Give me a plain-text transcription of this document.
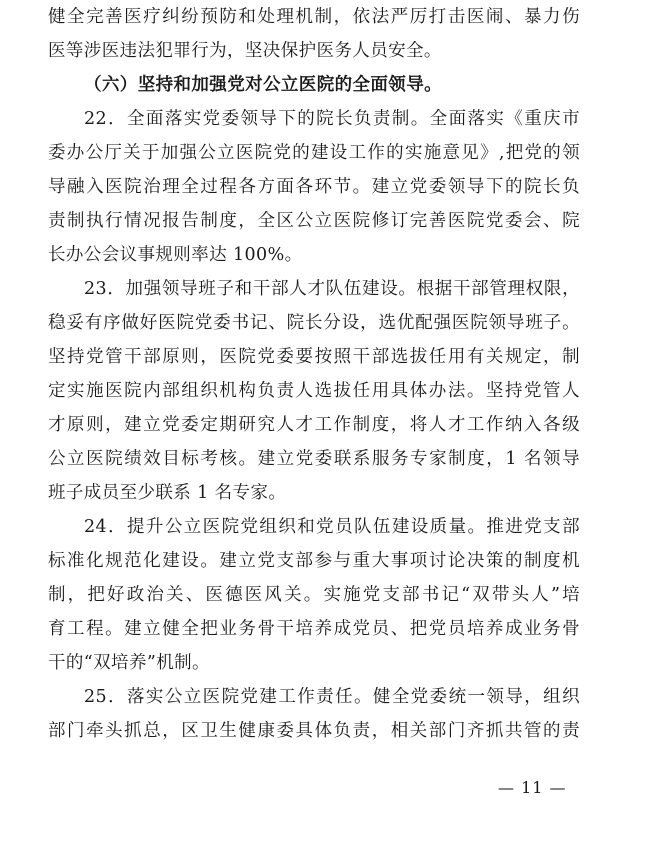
健全完善医疗纠纷预防和处理机制，依法严厉打击医闹、暴力伤
医等涉医违法犯罪行为，坚决保护医务人员安全。
（六）坚持和加强党对公立医院的全面领导。
22．全面落实党委领导下的院长负责制。全面落实《重庆市
委办公厅关于加强公立医院党的建设工作的实施意见》,把党的领
导融入医院治理全过程各方面各环节。建立党委领导下的院长负
责制执行情况报告制度，全区公立医院修订完善医院党委会、院
长办公会议事规则率达 100%。
23．加强领导班子和干部人才队伍建设。根据干部管理权限，
稳妥有序做好医院党委书记、院长分设，选优配强医院领导班子。
坚持党管干部原则，医院党委要按照干部选拔任用有关规定，制
定实施医院内部组织机构负责人选拔任用具体办法。坚持党管人
才原则，建立党委定期研究人才工作制度，将人才工作纳入各级
公立医院绩效目标考核。建立党委联系服务专家制度，1 名领导
班子成员至少联系 1 名专家。
24．提升公立医院党组织和党员队伍建设质量。推进党支部
标准化规范化建设。建立党支部参与重大事项讨论决策的制度机
制，把好政治关、医德医风关。实施党支部书记“双带头人”培
育工程。建立健全把业务骨干培养成党员、把党员培养成业务骨
干的“双培养”机制。
25．落实公立医院党建工作责任。健全党委统一领导，组织
部门牵头抓总，区卫生健康委具体负责，相关部门齐抓共管的责
— 11 —
